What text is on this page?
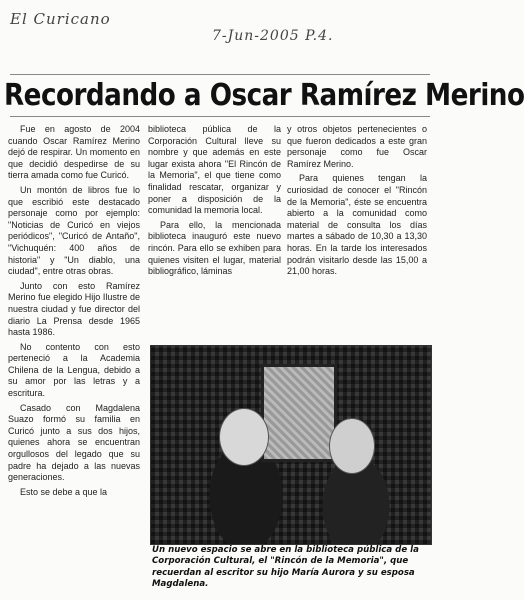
El Curicano
7-Jun-2005 P.4.
Recordando a Oscar Ramírez Merino

Fue en agosto de 2004 cuando Oscar Ramírez Merino dejó de respirar. Un momento en que decidió despedirse de su tierra amada como fue Curicó.

Un montón de libros fue lo que escribió este destacado personaje como por ejemplo: "Noticias de Curicó en viejos periódicos", "Curicó de Antaño", "Vichuquén: 400 años de historia" y "Un diablo, una ciudad", entre otras obras.

Junto con esto Ramírez Merino fue elegido Hijo Ilustre de nuestra ciudad y fue director del diario La Prensa desde 1965 hasta 1986.

No contento con esto perteneció a la Academia Chilena de la Lengua, debido a su amor por las letras y a escritura.

Casado con Magdalena Suazo formó su familia en Curicó junto a sus dos hijos, quienes ahora se encuentran orgullosos del legado que su padre ha dejado a las nuevas generaciones.

Esto se debe a que la

biblioteca pública de la Corporación Cultural lleve su nombre y que además en este lugar exista ahora "El Rincón de la Memoria", el que tiene como finalidad rescatar, organizar y poner a disposición de la comunidad la memoria local.

Para ello, la mencionada biblioteca inauguró este nuevo rincón. Para ello se exhiben para quienes visiten el lugar, material bibliográfico, láminas

y otros objetos pertenecientes o que fueron dedicados a este gran personaje como fue Oscar Ramírez Merino.

Para quienes tengan la curiosidad de conocer el "Rincón de la Memoria", éste se encuentra abierto a la comunidad como material de consulta los días martes a sábado de 10,30 a 13,30 horas. En la tarde los interesados podrán visitarlo desde las 15,00 a 21,00 horas.

Un nuevo espacio se abre en la biblioteca pública de la Corporación Cultural, el "Rincón de la Memoria", que recuerdan al escritor su hijo María Aurora y su esposa Magdalena.
